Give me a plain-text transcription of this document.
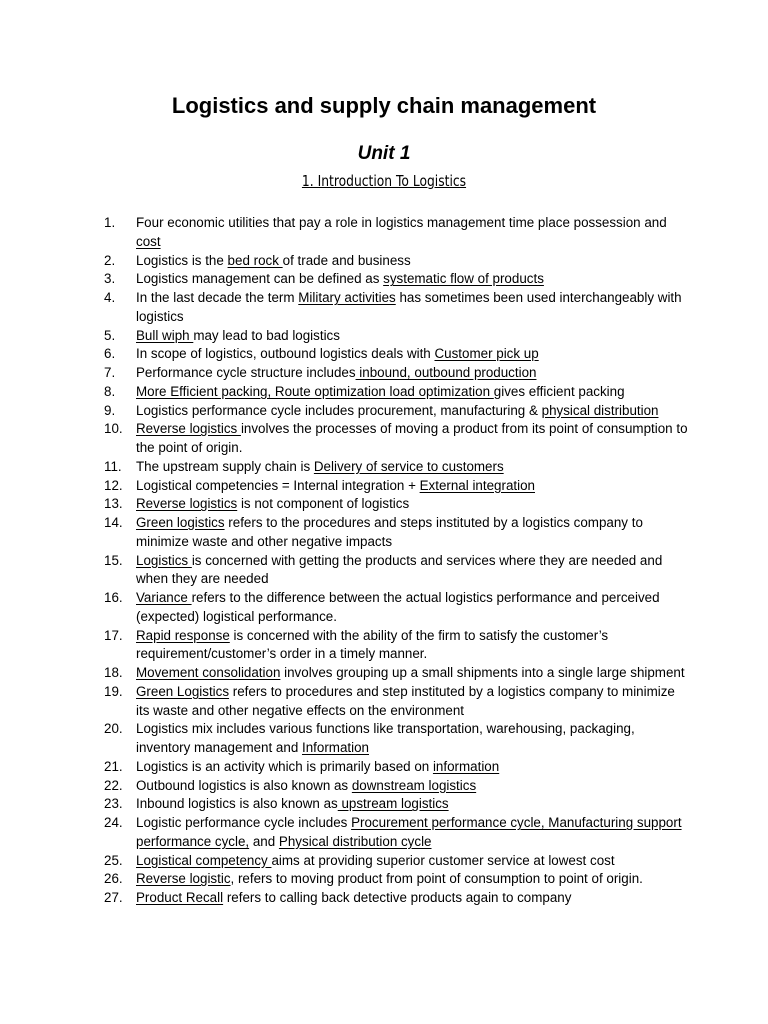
Logistics and supply chain management
Unit 1
1. Introduction To Logistics
1.	Four economic utilities that pay a role in logistics management time place possession and cost
2.	Logistics is the bed rock of trade and business
3.	Logistics management can be defined as systematic flow of products
4.	In the last decade the term Military activities has sometimes been used interchangeably with logistics
5.	Bull wiph may lead to bad logistics
6.	In scope of logistics, outbound logistics deals with Customer pick up
7.	Performance cycle structure includes inbound, outbound production
8.	More Efficient packing, Route optimization load optimization gives efficient packing
9.	Logistics performance cycle includes procurement, manufacturing & physical distribution
10. Reverse logistics involves the processes of moving a product from its point of consumption to the point of origin.
11.	The upstream supply chain is Delivery of service to customers
12. Logistical competencies = Internal integration + External integration
13. Reverse logistics is not component of logistics
14. Green logistics refers to the procedures and steps instituted by a logistics company to minimize waste and other negative impacts
15. Logistics is concerned with getting the products and services where they are needed and when they are needed
16. Variance refers to the difference between the actual logistics performance and perceived (expected) logistical performance.
17. Rapid response is concerned with the ability of the firm to satisfy the customer’s requirement/customer’s order in a timely manner.
18. Movement consolidation involves grouping up a small shipments into a single large shipment
19. Green Logistics refers to procedures and step instituted by a logistics company to minimize its waste and other negative effects on the environment
20. Logistics mix includes various functions like transportation, warehousing, packaging, inventory management and Information
21. Logistics is an activity which is primarily based on information
22. Outbound logistics is also known as downstream logistics
23. Inbound logistics is also known as upstream logistics
24. Logistic performance cycle includes Procurement performance cycle, Manufacturing support performance cycle, and Physical distribution cycle
25. Logistical competency aims at providing superior customer service at lowest cost
26. Reverse logistic, refers to moving product from point of consumption to point of origin.
27. Product Recall refers to calling back detective products again to company
